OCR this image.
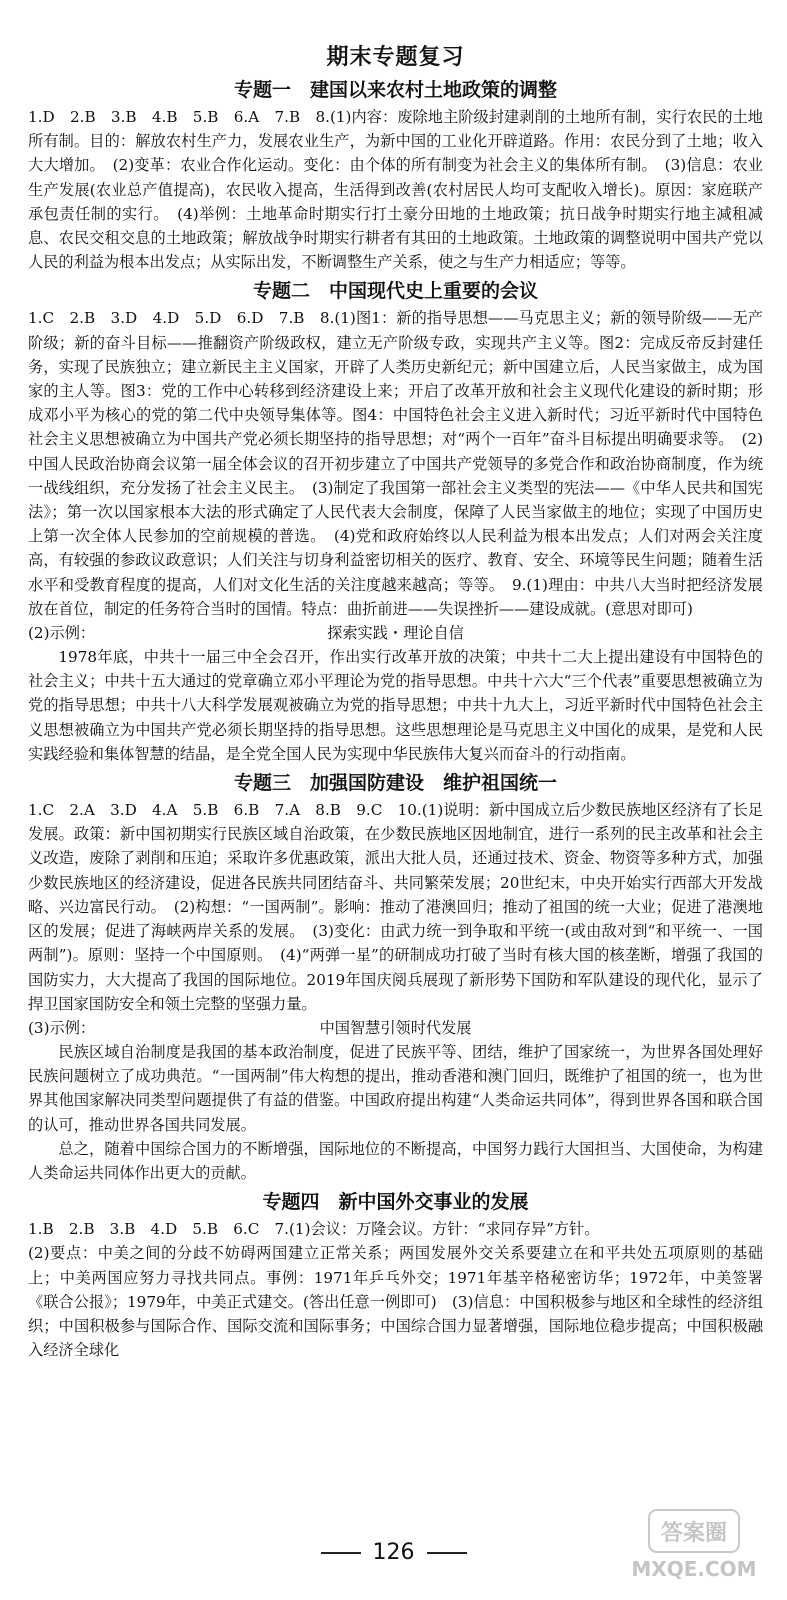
期末专题复习
专题一　建国以来农村土地政策的调整

1.D　2.B　3.B　4.B　5.B　6.A　7.B　8.(1)内容：废除地主阶级封建剥削的土地所有制，实行农民的土地所有制。目的：解放农村生产力，发展农业生产，为新中国的工业化开辟道路。作用：农民分到了土地；收入大大增加。　(2)变革：农业合作化运动。变化：由个体的所有制变为社会主义的集体所有制。　(3)信息：农业生产发展(农业总产值提高)，农民收入提高，生活得到改善(农村居民人均可支配收入增长)。原因：家庭联产承包责任制的实行。　(4)举例：土地革命时期实行打土豪分田地的土地政策；抗日战争时期实行地主减租减息、农民交租交息的土地政策；解放战争时期实行耕者有其田的土地政策。土地政策的调整说明中国共产党以人民的利益为根本出发点；从实际出发，不断调整生产关系，使之与生产力相适应；等等。

专题二　中国现代史上重要的会议

1.C　2.B　3.D　4.D　5.D　6.D　7.B　8.(1)图1：新的指导思想——马克思主义；新的领导阶级——无产阶级；新的奋斗目标——推翻资产阶级政权，建立无产阶级专政，实现共产主义等。图2：完成反帝反封建任务，实现了民族独立；建立新民主主义国家，开辟了人类历史新纪元；新中国建立后，人民当家做主，成为国家的主人等。图3：党的工作中心转移到经济建设上来；开启了改革开放和社会主义现代化建设的新时期；形成邓小平为核心的党的第二代中央领导集体等。图4：中国特色社会主义进入新时代；习近平新时代中国特色社会主义思想被确立为中国共产党必须长期坚持的指导思想；对“两个一百年”奋斗目标提出明确要求等。　(2)中国人民政治协商会议第一届全体会议的召开初步建立了中国共产党领导的多党合作和政治协商制度，作为统一战线组织，充分发扬了社会主义民主。　(3)制定了我国第一部社会主义类型的宪法——《中华人民共和国宪法》；第一次以国家根本大法的形式确定了人民代表大会制度，保障了人民当家做主的地位；实现了中国历史上第一次全体人民参加的空前规模的普选。　(4)党和政府始终以人民利益为根本出发点；人们对两会关注度高，有较强的参政议政意识；人们关注与切身利益密切相关的医疗、教育、安全、环境等民生问题；随着生活水平和受教育程度的提高，人们对文化生活的关注度越来越高；等等。　9.(1)理由：中共八大当时把经济发展放在首位，制定的任务符合当时的国情。特点：曲折前进——失误挫折——建设成就。(意思对即可)

(2)示例：	探索实践・理论自信

1978年底，中共十一届三中全会召开，作出实行改革开放的决策；中共十二大上提出建设有中国特色的社会主义；中共十五大通过的党章确立邓小平理论为党的指导思想。中共十六大“三个代表”重要思想被确立为党的指导思想；中共十八大科学发展观被确立为党的指导思想；中共十九大上，习近平新时代中国特色社会主义思想被确立为中国共产党必须长期坚持的指导思想。这些思想理论是马克思主义中国化的成果，是党和人民实践经验和集体智慧的结晶，是全党全国人民为实现中华民族伟大复兴而奋斗的行动指南。

专题三　加强国防建设　维护祖国统一

1.C　2.A　3.D　4.A　5.B　6.B　7.A　8.B　9.C　10.(1)说明：新中国成立后少数民族地区经济有了长足发展。政策：新中国初期实行民族区域自治政策，在少数民族地区因地制宜，进行一系列的民主改革和社会主义改造，废除了剥削和压迫；采取许多优惠政策，派出大批人员，还通过技术、资金、物资等多种方式，加强少数民族地区的经济建设，促进各民族共同团结奋斗、共同繁荣发展；20世纪末，中央开始实行西部大开发战略、兴边富民行动。　(2)构想：“一国两制”。影响：推动了港澳回归；推动了祖国的统一大业；促进了港澳地区的发展；促进了海峡两岸关系的发展。　(3)变化：由武力统一到争取和平统一(或由敌对到“和平统一、一国两制”)。原则：坚持一个中国原则。　(4)“两弹一星”的研制成功打破了当时有核大国的核垄断，增强了我国的国防实力，大大提高了我国的国际地位。2019年国庆阅兵展现了新形势下国防和军队建设的现代化，显示了捍卫国家国防安全和领土完整的坚强力量。

(3)示例：	中国智慧引领时代发展

民族区域自治制度是我国的基本政治制度，促进了民族平等、团结，维护了国家统一，为世界各国处理好民族问题树立了成功典范。“一国两制”伟大构想的提出，推动香港和澳门回归，既维护了祖国的统一，也为世界其他国家解决同类型问题提供了有益的借鉴。中国政府提出构建“人类命运共同体”，得到世界各国和联合国的认可，推动世界各国共同发展。

总之，随着中国综合国力的不断增强，国际地位的不断提高，中国努力践行大国担当、大国使命，为构建人类命运共同体作出更大的贡献。

专题四　新中国外交事业的发展

1.B　2.B　3.B　4.D　5.B　6.C　7.(1)会议：万隆会议。方针：“求同存异”方针。

(2)要点：中美之间的分歧不妨碍两国建立正常关系；两国发展外交关系要建立在和平共处五项原则的基础上；中美两国应努力寻找共同点。事例：1971年乒乓外交；1971年基辛格秘密访华；1972年，中美签署《联合公报》；1979年，中美正式建交。(答出任意一例即可)　(3)信息：中国积极参与地区和全球性的经济组织；中国积极参与国际合作、国际交流和国际事务；中国综合国力显著增强，国际地位稳步提高；中国积极融入经济全球化

126
答案圈
MXQE.COM
